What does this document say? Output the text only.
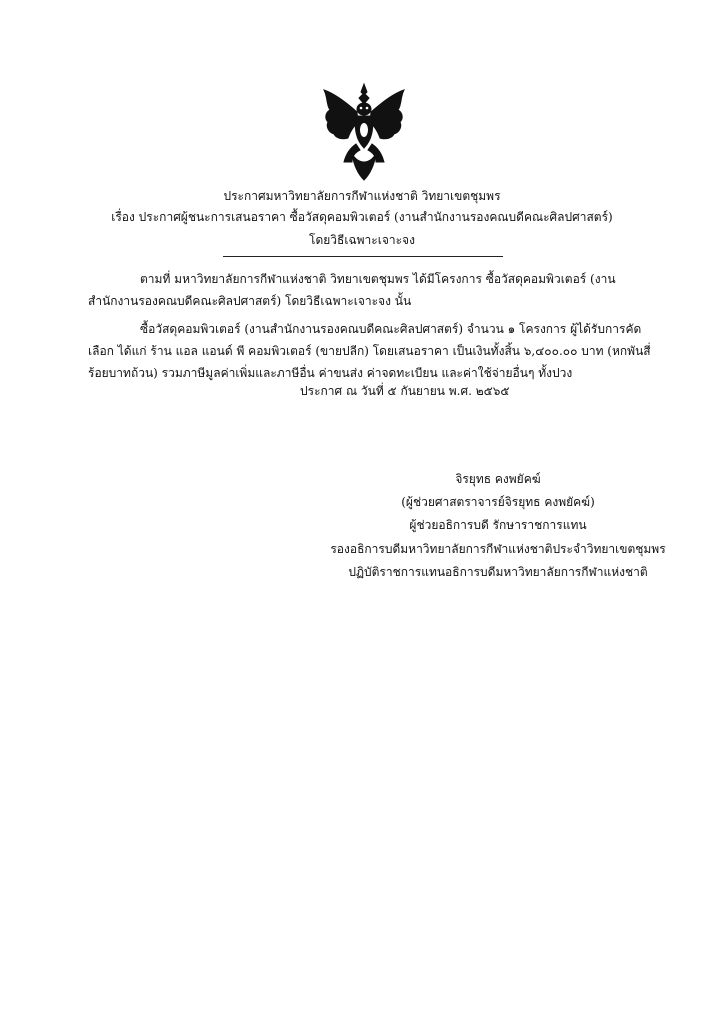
ประกาศมหาวิทยาลัยการกีฬาแห่งชาติ วิทยาเขตชุมพร
เรื่อง ประกาศผู้ชนะการเสนอราคา ซื้อวัสดุคอมพิวเตอร์ (งานสำนักงานรองคณบดีคณะศิลปศาสตร์)
โดยวิธีเฉพาะเจาะจง
ตามที่ มหาวิทยาลัยการกีฬาแห่งชาติ วิทยาเขตชุมพร ได้มีโครงการ ซื้อวัสดุคอมพิวเตอร์ (งานสำนักงานรองคณบดีคณะศิลปศาสตร์) โดยวิธีเฉพาะเจาะจง นั้น
ซื้อวัสดุคอมพิวเตอร์ (งานสำนักงานรองคณบดีคณะศิลปศาสตร์) จำนวน ๑ โครงการ ผู้ได้รับการคัดเลือก ได้แก่ ร้าน แอล แอนด์ พี คอมพิวเตอร์ (ขายปลีก) โดยเสนอราคา เป็นเงินทั้งสิ้น ๖,๔๐๐.๐๐ บาท (หกพันสี่ร้อยบาทถ้วน) รวมภาษีมูลค่าเพิ่มและภาษีอื่น ค่าขนส่ง ค่าจดทะเบียน และค่าใช้จ่ายอื่นๆ ทั้งปวง
ประกาศ ณ วันที่ ๕ กันยายน พ.ศ. ๒๕๖๕
จิรยุทธ คงพยัคฆ์
(ผู้ช่วยศาสตราจารย์จิรยุทธ คงพยัคฆ์)
ผู้ช่วยอธิการบดี รักษาราชการแทน
รองอธิการบดีมหาวิทยาลัยการกีฬาแห่งชาติประจำวิทยาเขตชุมพร
ปฏิบัติราชการแทนอธิการบดีมหาวิทยาลัยการกีฬาแห่งชาติ
